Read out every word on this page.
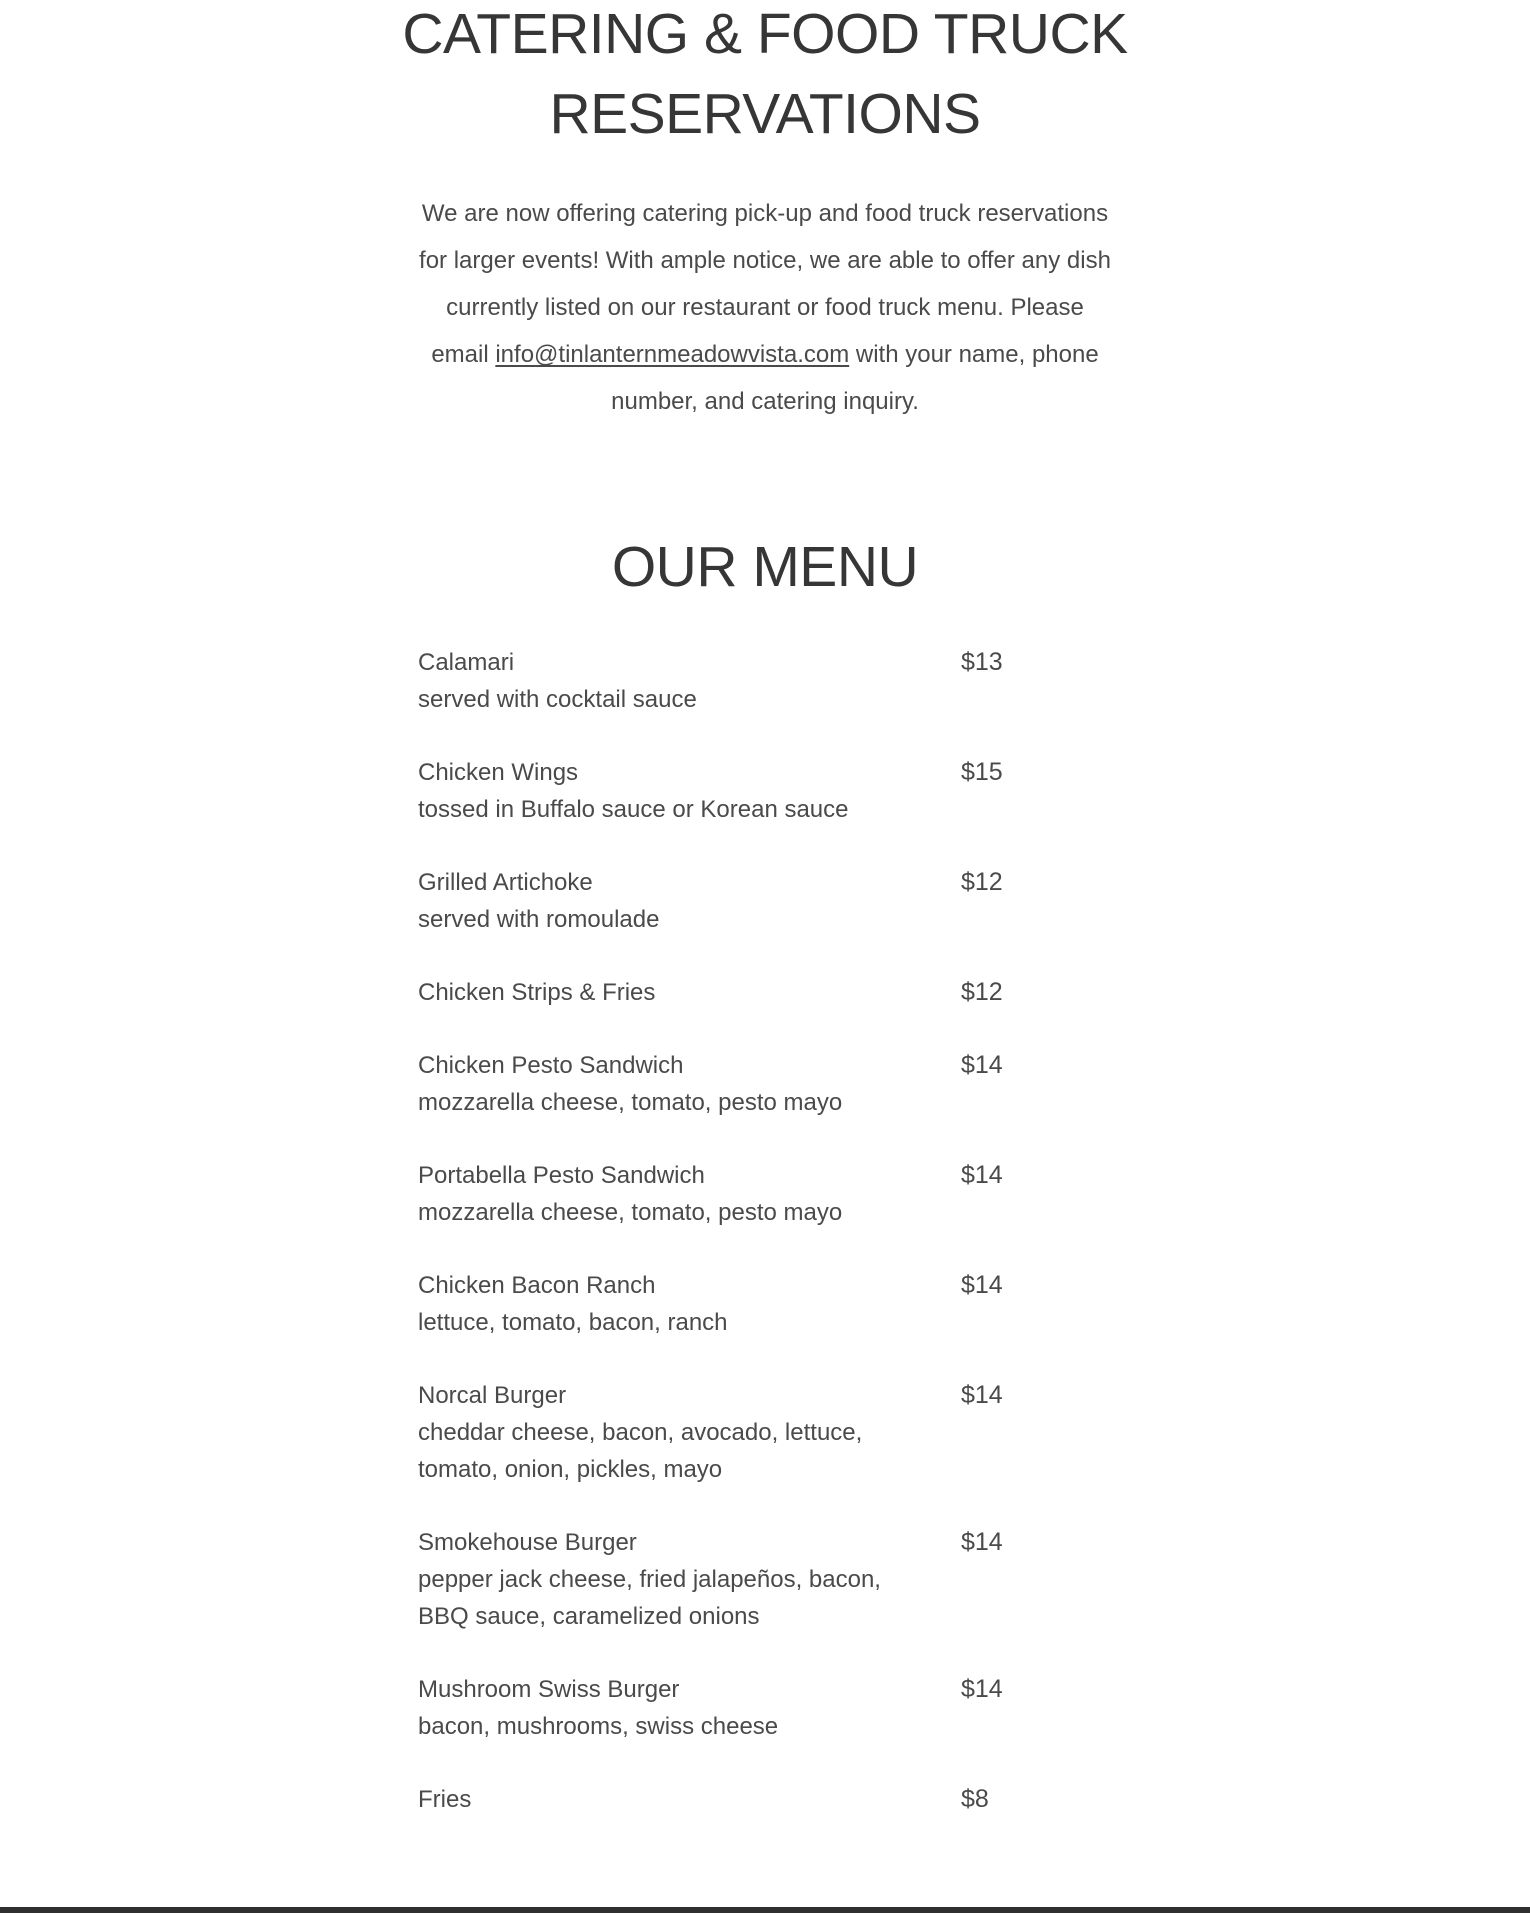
CATERING & FOOD TRUCK
RESERVATIONS

We are now offering catering pick-up and food truck reservations for larger events! With ample notice, we are able to offer any dish currently listed on our restaurant or food truck menu. Please email info@tinlanternmeadowvista.com with your name, phone number, and catering inquiry.

OUR MENU
Calamari
served with cocktail sauce
$13
Chicken Wings
tossed in Buffalo sauce or Korean sauce
$15
Grilled Artichoke
served with romoulade
$12
Chicken Strips & Fries	$12
Chicken Pesto Sandwich
mozzarella cheese, tomato, pesto mayo
$14
Portabella Pesto Sandwich
mozzarella cheese, tomato, pesto mayo
$14
Chicken Bacon Ranch
lettuce, tomato, bacon, ranch
$14
Norcal Burger
cheddar cheese, bacon, avocado, lettuce, tomato, onion, pickles, mayo
$14
Smokehouse Burger
pepper jack cheese, fried jalapeños, bacon, BBQ sauce, caramelized onions
$14
Mushroom Swiss Burger
bacon, mushrooms, swiss cheese
$14
Fries	$8
